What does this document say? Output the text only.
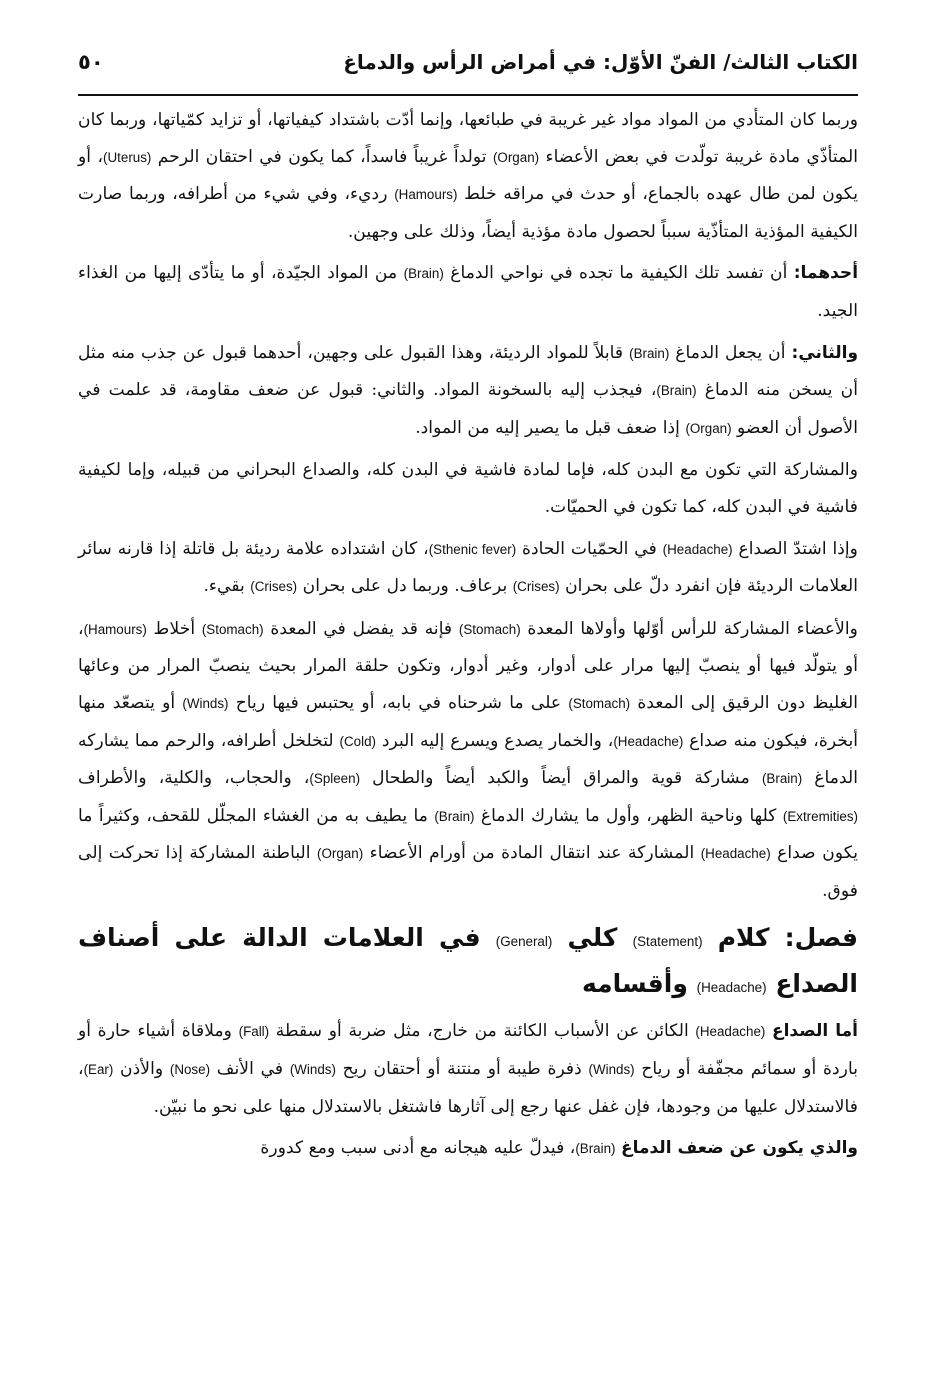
الكتاب الثالث/ الفنّ الأوّل: في أمراض الرأس والدماغ
٥٠

وربما كان المتأدي من المواد مواد غير غريبة في طبائعها، وإنما أدّت باشتداد كيفياتها، أو تزايد كمّياتها، وربما كان المتأذّي مادة غريبة تولّدت في بعض الأعضاء (Organ) تولداً غريباً فاسداً، كما يكون في احتقان الرحم (Uterus)، أو يكون لمن طال عهده بالجماع، أو حدث في مراقه خلط (Hamours) رديء، وفي شيء من أطرافه، وربما صارت الكيفية المؤذية المتأذّية سبباً لحصول مادة مؤذية أيضاً، وذلك على وجهين.

أحدهما: أن تفسد تلك الكيفية ما تجده في نواحي الدماغ (Brain) من المواد الجيّدة، أو ما يتأدّى إليها من الغذاء الجيد.

والثاني: أن يجعل الدماغ (Brain) قابلاً للمواد الرديئة، وهذا القبول على وجهين، أحدهما قبول عن جذب منه مثل أن يسخن منه الدماغ (Brain)، فيجذب إليه بالسخونة المواد. والثاني: قبول عن ضعف مقاومة، قد علمت في الأصول أن العضو (Organ) إذا ضعف قبل ما يصير إليه من المواد.

والمشاركة التي تكون مع البدن كله، فإما لمادة فاشية في البدن كله، والصداع البحراني من قبيله، وإما لكيفية فاشية في البدن كله، كما تكون في الحميّات.

وإذا اشتدّ الصداع (Headache) في الحمّيات الحادة (Sthenic fever)، كان اشتداده علامة رديئة بل قاتلة إذا قارنه سائر العلامات الرديئة فإن انفرد دلّ على بحران (Crises) برعاف. وربما دل على بحران (Crises) بقيء.

والأعضاء المشاركة للرأس أوّلها وأولاها المعدة (Stomach) فإنه قد يفضل في المعدة (Stomach) أخلاط (Hamours)، أو يتولّد فيها أو ينصبّ إليها مرار على أدوار، وغير أدوار، وتكون حلقة المرار بحيث ينصبّ المرار من وعائها الغليظ دون الرقيق إلى المعدة (Stomach) على ما شرحناه في بابه، أو يحتبس فيها رياح (Winds) أو يتصعّد منها أبخرة، فيكون منه صداع (Headache)، والخمار يصدع ويسرع إليه البرد (Cold) لتخلخل أطرافه، والرحم مما يشاركه الدماغ (Brain) مشاركة قوية والمراق أيضاً والكبد أيضاً والطحال (Spleen)، والحجاب، والكلية، والأطراف (Extremities) كلها وناحية الظهر، وأول ما يشارك الدماغ (Brain) ما يطيف به من الغشاء المجلّل للقحف، وكثيراً ما يكون صداع (Headache) المشاركة عند انتقال المادة من أورام الأعضاء (Organ) الباطنة المشاركة إذا تحركت إلى فوق.

فصل: كلام (Statement) كلي (General) في العلامات الدالة على أصناف الصداع (Headache) وأقسامه

أما الصداع (Headache) الكائن عن الأسباب الكائنة من خارج، مثل ضربة أو سقطة (Fall) وملاقاة أشياء حارة أو باردة أو سمائم مجفّفة أو رياح (Winds) ذفرة طيبة أو منتنة أو أحتقان ريح (Winds) في الأنف (Nose) والأذن (Ear)، فالاستدلال عليها من وجودها، فإن غفل عنها رجع إلى آثارها فاشتغل بالاستدلال منها على نحو ما نبيّن.

والذي يكون عن ضعف الدماغ (Brain)، فيدلّ عليه هيجانه مع أدنى سبب ومع كدورة
